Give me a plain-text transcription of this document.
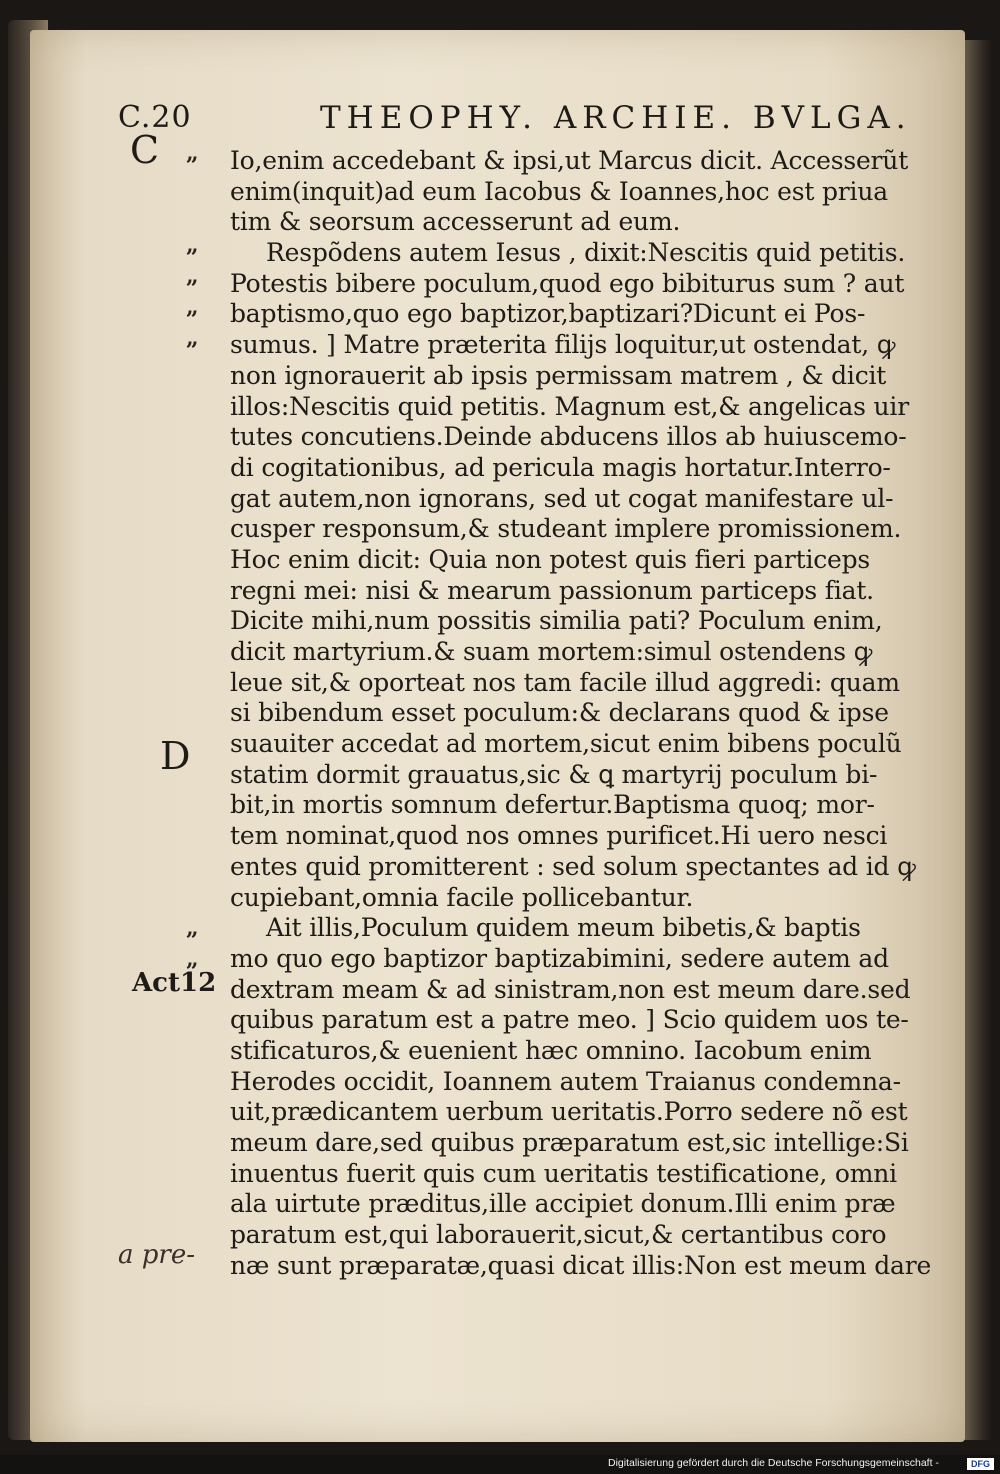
C.20	THEOPHY. ARCHIE. BVLGA.
C
D
Act12
a pre-
„
„
„
„
„
„
„
Io,enim accedebant & ipsi,ut Marcus dicit. Accesserũt
enim(inquit)ad eum Iacobus & Ioannes,hoc est priua
tim & seorsum accesserunt ad eum.
Respõdens autem Iesus , dixit:Nescitis quid petitis.
Potestis bibere poculum,quod ego bibiturus sum ? aut
baptismo,quo ego baptizor,baptizari?Dicunt ei Pos-
sumus. ] Matre præterita filijs loquitur,ut ostendat, ꝙ
non ignorauerit ab ipsis permissam matrem , & dicit
illos:Nescitis quid petitis. Magnum est,& angelicas uir
tutes concutiens.Deinde abducens illos ab huiuscemo-
di cogitationibus, ad pericula magis hortatur.Interro-
gat autem,non ignorans, sed ut cogat manifestare ul-
cusper responsum,& studeant implere promissionem.
Hoc enim dicit: Quia non potest quis fieri particeps
regni mei: nisi & mearum passionum particeps fiat.
Dicite mihi,num possitis similia pati? Poculum enim,
dicit martyrium.& suam mortem:simul ostendens ꝙ
leue sit,& oporteat nos tam facile illud aggredi: quam
si bibendum esset poculum:& declarans quod & ipse
suauiter accedat ad mortem,sicut enim bibens poculũ
statim dormit grauatus,sic & ꝗ martyrij poculum bi-
bit,in mortis somnum defertur.Baptisma quoq; mor-
tem nominat,quod nos omnes purificet.Hi uero nesci
entes quid promitterent : sed solum spectantes ad id ꝙ
cupiebant,omnia facile pollicebantur.
Ait illis,Poculum quidem meum bibetis,& baptis
mo quo ego baptizor baptizabimini, sedere autem ad
dextram meam & ad sinistram,non est meum dare.sed
quibus paratum est a patre meo. ] Scio quidem uos te-
stificaturos,& euenient hæc omnino. Iacobum enim
Herodes occidit, Ioannem autem Traianus condemna-
uit,prædicantem uerbum ueritatis.Porro sedere nõ est
meum dare,sed quibus præparatum est,sic intellige:Si
inuentus fuerit quis cum ueritatis testificatione, omni
ala uirtute præditus,ille accipiet donum.Illi enim præ
paratum est,qui laborauerit,sicut,& certantibus coro
næ sunt præparatæ,quasi dicat illis:Non est meum dare
Digitalisierung gefördert durch die Deutsche Forschungsgemeinschaft -	DFG
